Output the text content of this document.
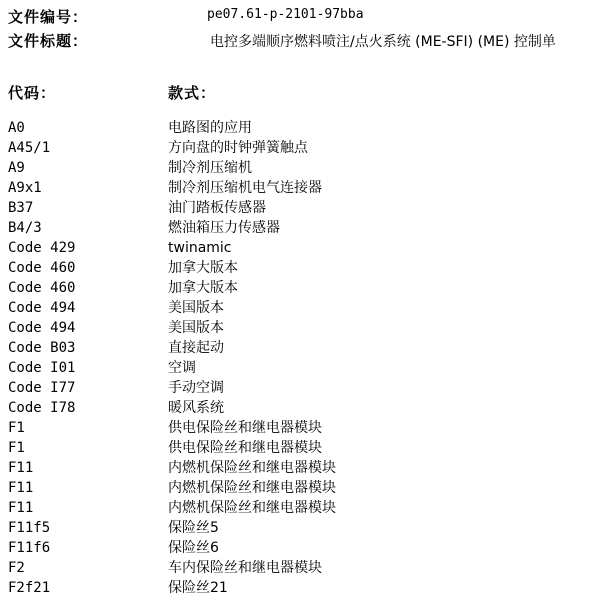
文件编号：	pe07.61-p-2101-97bba
文件标题：	电控多端顺序燃料喷注/点火系统 (ME-SFI) (ME) 控制单
代码：	款式：
A0	电路图的应用
A45/1	方向盘的时钟弹簧触点
A9	制冷剂压缩机
A9x1	制冷剂压缩机电气连接器
B37	油门踏板传感器
B4/3	燃油箱压力传感器
Code 429	twinamic
Code 460	加拿大版本
Code 460	加拿大版本
Code 494	美国版本
Code 494	美国版本
Code B03	直接起动
Code I01	空调
Code I77	手动空调
Code I78	暖风系统
F1	供电保险丝和继电器模块
F1	供电保险丝和继电器模块
F11	内燃机保险丝和继电器模块
F11	内燃机保险丝和继电器模块
F11	内燃机保险丝和继电器模块
F11f5	保险丝5
F11f6	保险丝6
F2	车内保险丝和继电器模块
F2f21	保险丝21
